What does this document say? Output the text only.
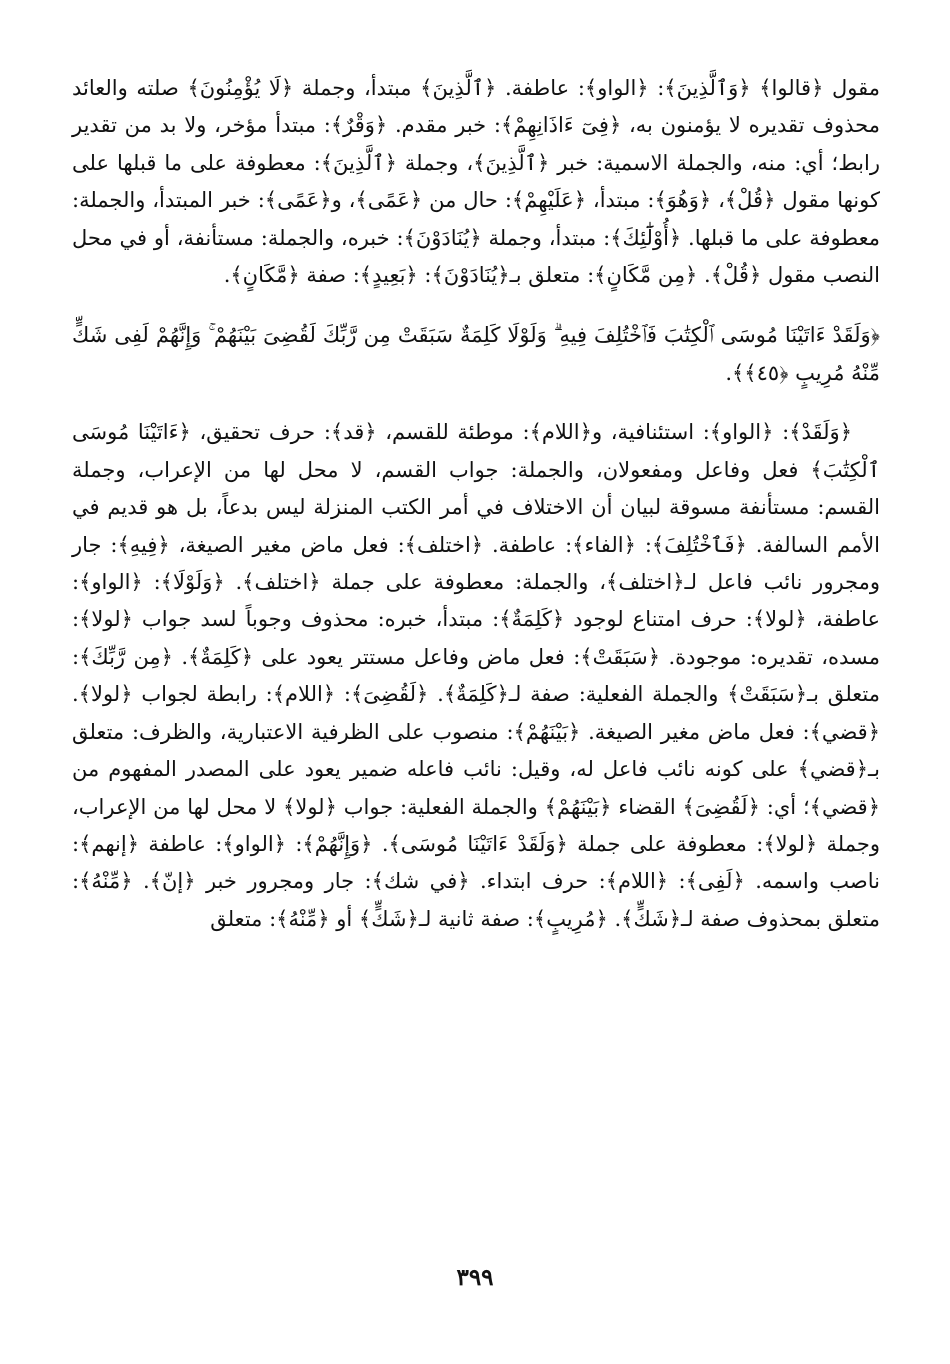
مقول ﴿قالوا﴾ ﴿وَٱلَّذِينَ﴾: ﴿الواو﴾: عاطفة. ﴿ٱلَّذِينَ﴾ مبتدأ، وجملة ﴿لَا يُؤْمِنُونَ﴾ صلته والعائد محذوف تقديره لا يؤمنون به، ﴿فِىٓ ءَاذَانِهِمْ﴾: خبر مقدم. ﴿وَقْرٌ﴾: مبتدأ مؤخر، ولا بد من تقدير رابط؛ أي: منه، والجملة الاسمية: خبر ﴿ٱلَّذِينَ﴾، وجملة ﴿ٱلَّذِينَ﴾: معطوفة على ما قبلها على كونها مقول ﴿قُلْ﴾، ﴿وَهُوَ﴾: مبتدأ، ﴿عَلَيْهِمْ﴾: حال من ﴿عَمًى﴾، و﴿عَمًى﴾: خبر المبتدأ، والجملة: معطوفة على ما قبلها. ﴿أُوْلَٰٓئِكَ﴾: مبتدأ، وجملة ﴿يُنَادَوْنَ﴾: خبره، والجملة: مستأنفة، أو في محل النصب مقول ﴿قُلْ﴾. ﴿مِن مَّكَانٍ﴾: متعلق بـ﴿يُنَادَوْنَ﴾: ﴿بَعِيدٍ﴾: صفة ﴿مَّكَانٍ﴾.

﴿وَلَقَدْ ءَاتَيْنَا مُوسَى ٱلْكِتَٰبَ فَٱخْتُلِفَ فِيهِ ۗ وَلَوْلَا كَلِمَةٌ سَبَقَتْ مِن رَّبِّكَ لَقُضِىَ بَيْنَهُمْ ۚ وَإِنَّهُمْ لَفِى شَكٍّ مِّنْهُ مُرِيبٍ ﴿٤٥﴾﴾.

﴿وَلَقَدْ﴾: ﴿الواو﴾: استئنافية، و﴿اللام﴾: موطئة للقسم، ﴿قد﴾: حرف تحقيق، ﴿ءَاتَيْنَا مُوسَى ٱلْكِتَٰبَ﴾ فعل وفاعل ومفعولان، والجملة: جواب القسم، لا محل لها من الإعراب، وجملة القسم: مستأنفة مسوقة لبيان أن الاختلاف في أمر الكتب المنزلة ليس بدعاً، بل هو قديم في الأمم السالفة. ﴿فَٱخْتُلِفَ﴾: ﴿الفاء﴾: عاطفة. ﴿اختلف﴾: فعل ماض مغير الصيغة، ﴿فِيهِ﴾: جار ومجرور نائب فاعل لـ﴿اختلف﴾، والجملة: معطوفة على جملة ﴿اختلف﴾. ﴿وَلَوْلَا﴾: ﴿الواو﴾: عاطفة، ﴿لولا﴾: حرف امتناع لوجود ﴿كَلِمَةٌ﴾: مبتدأ، خبره: محذوف وجوباً لسد جواب ﴿لولا﴾: مسده، تقديره: موجودة. ﴿سَبَقَتْ﴾: فعل ماض وفاعل مستتر يعود على ﴿كَلِمَةٌ﴾. ﴿مِن رَّبِّكَ﴾: متعلق بـ﴿سَبَقَتْ﴾ والجملة الفعلية: صفة لـ﴿كَلِمَةٌ﴾. ﴿لَقُضِىَ﴾: ﴿اللام﴾: رابطة لجواب ﴿لولا﴾. ﴿قضي﴾: فعل ماض مغير الصيغة. ﴿بَيْنَهُمْ﴾: منصوب على الظرفية الاعتبارية، والظرف: متعلق بـ﴿قضي﴾ على كونه نائب فاعل له، وقيل: نائب فاعله ضمير يعود على المصدر المفهوم من ﴿قضي﴾؛ أي: ﴿لَقُضِىَ﴾ القضاء ﴿بَيْنَهُمْ﴾ والجملة الفعلية: جواب ﴿لولا﴾ لا محل لها من الإعراب، وجملة ﴿لولا﴾: معطوفة على جملة ﴿وَلَقَدْ ءَاتَيْنَا مُوسَى﴾. ﴿وَإِنَّهُمْ﴾: ﴿الواو﴾: عاطفة ﴿إنهم﴾: ناصب واسمه. ﴿لَفِى﴾: ﴿اللام﴾: حرف ابتداء. ﴿في شك﴾: جار ومجرور خبر ﴿إنّ﴾. ﴿مِّنْهُ﴾: متعلق بمحذوف صفة لـ﴿شَكٍّ﴾. ﴿مُرِيبٍ﴾: صفة ثانية لـ﴿شَكٍّ﴾ أو ﴿مِّنْهُ﴾: متعلق

٣٩٩
